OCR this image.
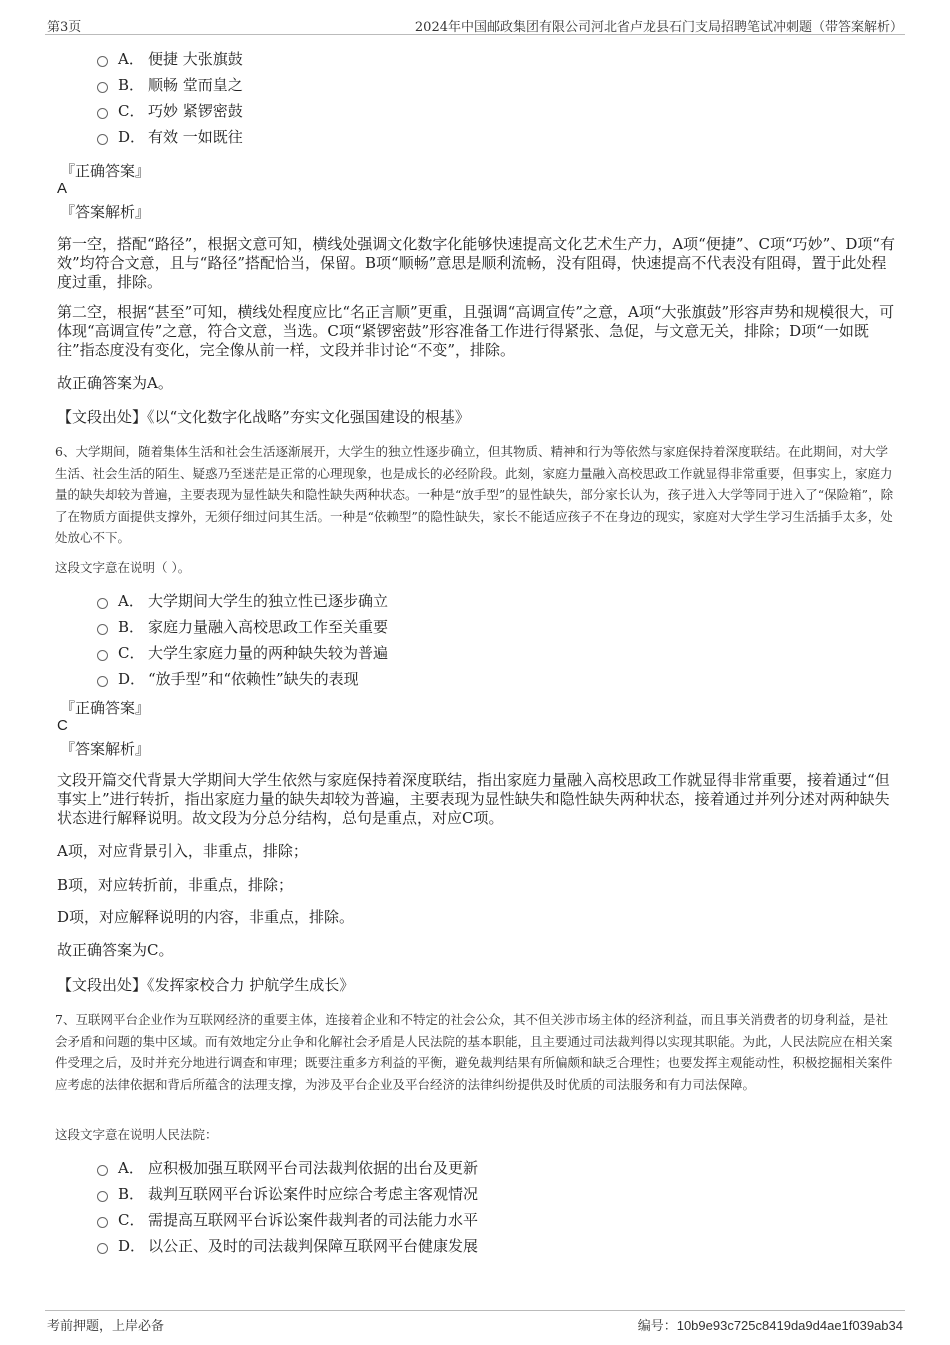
第3页	2024年中国邮政集团有限公司河北省卢龙县石门支局招聘笔试冲刺题（带答案解析）
A． 便捷 大张旗鼓
B． 顺畅 堂而皇之
C． 巧妙 紧锣密鼓
D． 有效 一如既往
『正确答案』
A
『答案解析』
第一空，搭配“路径”，根据文意可知，横线处强调文化数字化能够快速提高文化艺术生产力，A项“便捷”、C项“巧妙”、D项“有效”均符合文意，且与“路径”搭配恰当，保留。B项“顺畅”意思是顺利流畅，没有阻碍，快速提高不代表没有阻碍，置于此处程度过重，排除。
第二空，根据“甚至”可知，横线处程度应比“名正言顺”更重，且强调“高调宣传”之意，A项“大张旗鼓”形容声势和规模很大，可体现“高调宣传”之意，符合文意，当选。C项“紧锣密鼓”形容准备工作进行得紧张、急促，与文意无关，排除；D项“一如既往”指态度没有变化，完全像从前一样，文段并非讨论“不变”，排除。
故正确答案为A。
【文段出处】《以“文化数字化战略”夯实文化强国建设的根基》
6、大学期间，随着集体生活和社会生活逐渐展开，大学生的独立性逐步确立，但其物质、精神和行为等依然与家庭保持着深度联结。在此期间，对大学生活、社会生活的陌生、疑惑乃至迷茫是正常的心理现象，也是成长的必经阶段。此刻，家庭力量融入高校思政工作就显得非常重要，但事实上，家庭力量的缺失却较为普遍，主要表现为显性缺失和隐性缺失两种状态。一种是“放手型”的显性缺失，部分家长认为，孩子进入大学等同于进入了“保险箱”，除了在物质方面提供支撑外，无须仔细过问其生活。一种是“依赖型”的隐性缺失，家长不能适应孩子不在身边的现实，家庭对大学生学习生活插手太多，处处放心不下。
这段文字意在说明（ ）。
A． 大学期间大学生的独立性已逐步确立
B． 家庭力量融入高校思政工作至关重要
C． 大学生家庭力量的两种缺失较为普遍
D． “放手型”和“依赖性”缺失的表现
『正确答案』
C
『答案解析』
文段开篇交代背景大学期间大学生依然与家庭保持着深度联结，指出家庭力量融入高校思政工作就显得非常重要，接着通过“但事实上”进行转折，指出家庭力量的缺失却较为普遍，主要表现为显性缺失和隐性缺失两种状态，接着通过并列分述对两种缺失状态进行解释说明。故文段为分总分结构，总句是重点，对应C项。
A项，对应背景引入，非重点，排除；
B项，对应转折前，非重点，排除；
D项，对应解释说明的内容，非重点，排除。
故正确答案为C。
【文段出处】《发挥家校合力 护航学生成长》
7、互联网平台企业作为互联网经济的重要主体，连接着企业和不特定的社会公众，其不但关涉市场主体的经济利益，而且事关消费者的切身利益，是社会矛盾和问题的集中区域。而有效地定分止争和化解社会矛盾是人民法院的基本职能，且主要通过司法裁判得以实现其职能。为此，人民法院应在相关案件受理之后，及时并充分地进行调查和审理；既要注重多方利益的平衡，避免裁判结果有所偏颇和缺乏合理性；也要发挥主观能动性，积极挖掘相关案件应考虑的法律依据和背后所蕴含的法理支撑，为涉及平台企业及平台经济的法律纠纷提供及时优质的司法服务和有力司法保障。
这段文字意在说明人民法院：
A． 应积极加强互联网平台司法裁判依据的出台及更新
B． 裁判互联网平台诉讼案件时应综合考虑主客观情况
C． 需提高互联网平台诉讼案件裁判者的司法能力水平
D． 以公正、及时的司法裁判保障互联网平台健康发展
考前押题，上岸必备	编号：10b9e93c725c8419da9d4ae1f039ab34
